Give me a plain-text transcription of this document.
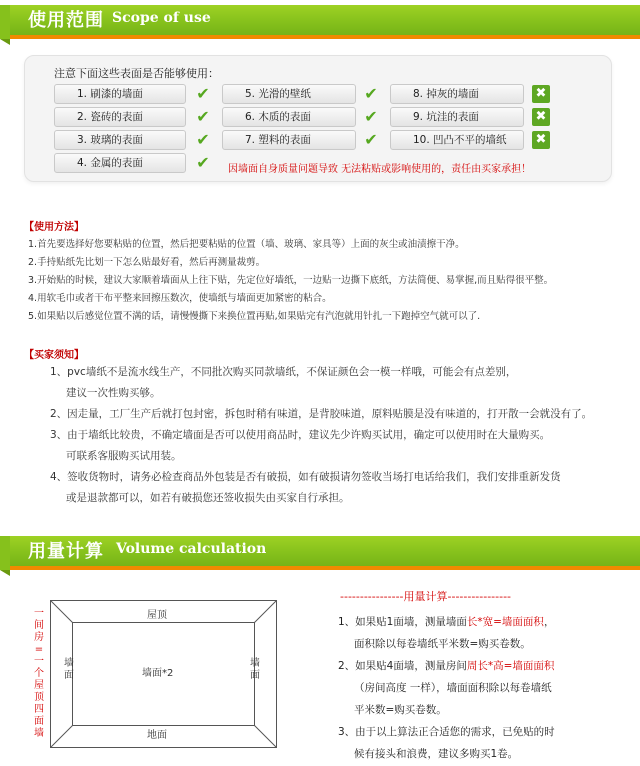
使用范围 Scope of use
注意下面这些表面是否能够使用：
1. 刷漆的墙面	✔
2. 瓷砖的表面	✔
3. 玻璃的表面	✔
4. 金属的表面	✔
5. 光滑的壁纸	✔
6. 木质的表面	✔
7. 塑料的表面	✔
8. 掉灰的墙面	✖
9. 坑洼的表面	✖
10. 凹凸不平的墙纸	✖
因墙面自身质量问题导致 无法粘贴或影响使用的，责任由买家承担！
【使用方法】
1.首先要选择好您要粘贴的位置，然后把要粘贴的位置（墙、玻璃、家具等）上面的灰尘或油渍擦干净。
2.手持贴纸先比划一下怎么贴最好看，然后再测量裁剪。
3.开始贴的时候，建议大家顺着墙面从上往下贴，先定位好墙纸，一边贴一边撕下底纸，方法简便、易掌握,而且贴得很平整。
4.用软毛巾或者干布平整来回擦压数次，使墙纸与墙面更加紧密的粘合。
5.如果贴以后感觉位置不满的话，请慢慢撕下来换位置再贴,如果贴完有汽泡就用针扎一下跑掉空气就可以了.
【买家须知】
1、pvc墙纸不是流水线生产，不同批次购买同款墙纸，不保证颜色会一模一样哦，可能会有点差别，
建议一次性购买够。
2、因走量，工厂生产后就打包封密，拆包时稍有味道，是背胶味道，原料贴膜是没有味道的，打开散一会就没有了。
3、由于墙纸比较贵，不确定墙面是否可以使用商品时，建议先少许购买试用，确定可以使用时在大量购买。
可联系客服购买试用装。
4、签收货物时，请务必检查商品外包装是否有破损，如有破损请勿签收当场打电话给我们，我们安排重新发货
或是退款都可以，如若有破损您还签收损失由买家自行承担。
用量计算 Volume calculation
一间房=一个屋顶四面墙
屋顶
地面
墙面*2
墙面
墙面
----------------用量计算----------------
1、如果贴1面墙，测量墙面长*宽=墙面面积，
面积除以每卷墙纸平米数=购买卷数。
2、如果贴4面墙，测量房间周长*高=墙面面积
（房间高度 一样），墙面面积除以每卷墙纸
平米数=购买卷数。
3、由于以上算法正合适您的需求，已免贴的时
候有接头和浪费，建议多购买1卷。
